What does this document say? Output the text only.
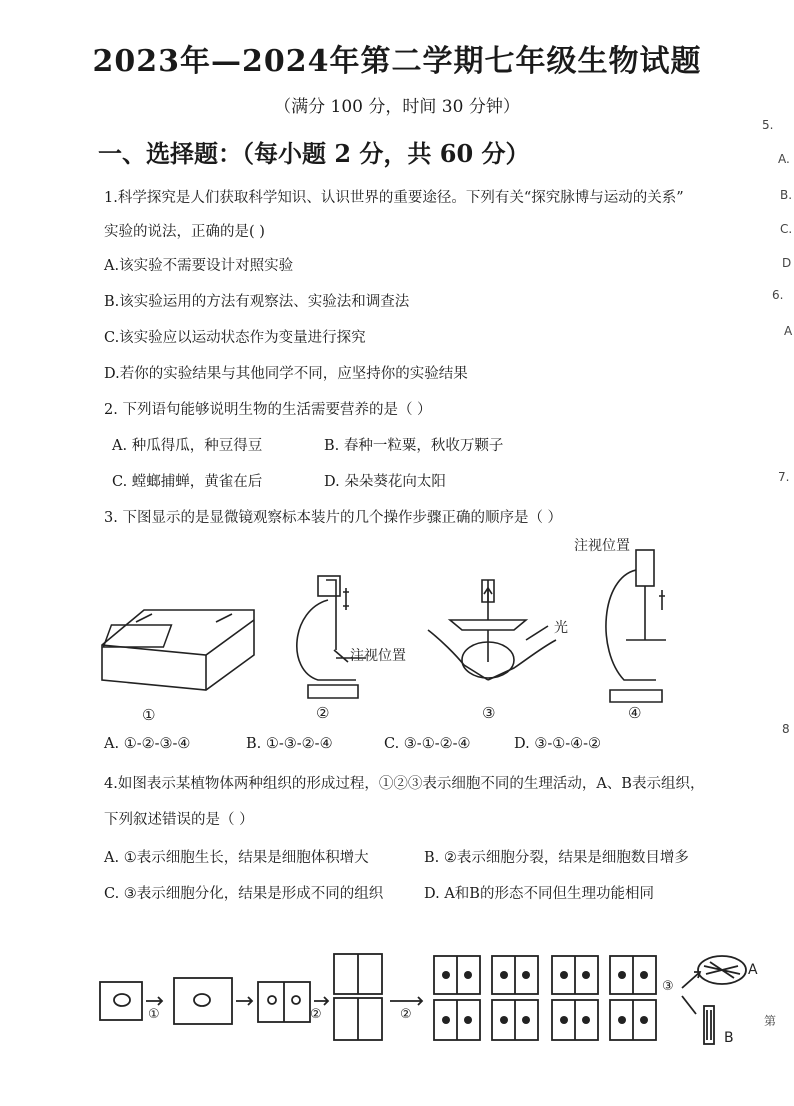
2023年—2024年第二学期七年级生物试题
（满分 100 分，时间 30 分钟）
一、选择题：（每小题 2 分，共 60 分）
1.科学探究是人们获取科学知识、认识世界的重要途径。下列有关“探究脉博与运动的关系”
实验的说法，正确的是( )
A.该实验不需要设计对照实验
B.该实验运用的方法有观察法、实验法和调查法
C.该实验应以运动状态作为变量进行探究
D.若你的实验结果与其他同学不同，应坚持你的实验结果
2. 下列语句能够说明生物的生活需要营养的是（ ）
A. 种瓜得瓜，种豆得豆	B. 春种一粒粟，秋收万颗子
C. 螳螂捕蝉，黄雀在后	D. 朵朵葵花向太阳
3. 下图显示的是显微镜观察标本装片的几个操作步骤正确的顺序是（ ）
注视位置
注视位置
光
①	②	③	④
A. ①-②-③-④	B. ①-③-②-④	C. ③-①-②-④	D. ③-①-④-②
4.如图表示某植物体两种组织的形成过程，①②③表示细胞不同的生理活动，A、B表示组织，
下列叙述错误的是（ ）
A. ①表示细胞生长，结果是细胞体积增大	B. ②表示细胞分裂，结果是细胞数目增多
C. ③表示细胞分化，结果是形成不同的组织	D. A和B的形态不同但生理功能相同
①	②	②
③
A
B
5.
A.
B.
C.
D
6.
A
7.
8
第
